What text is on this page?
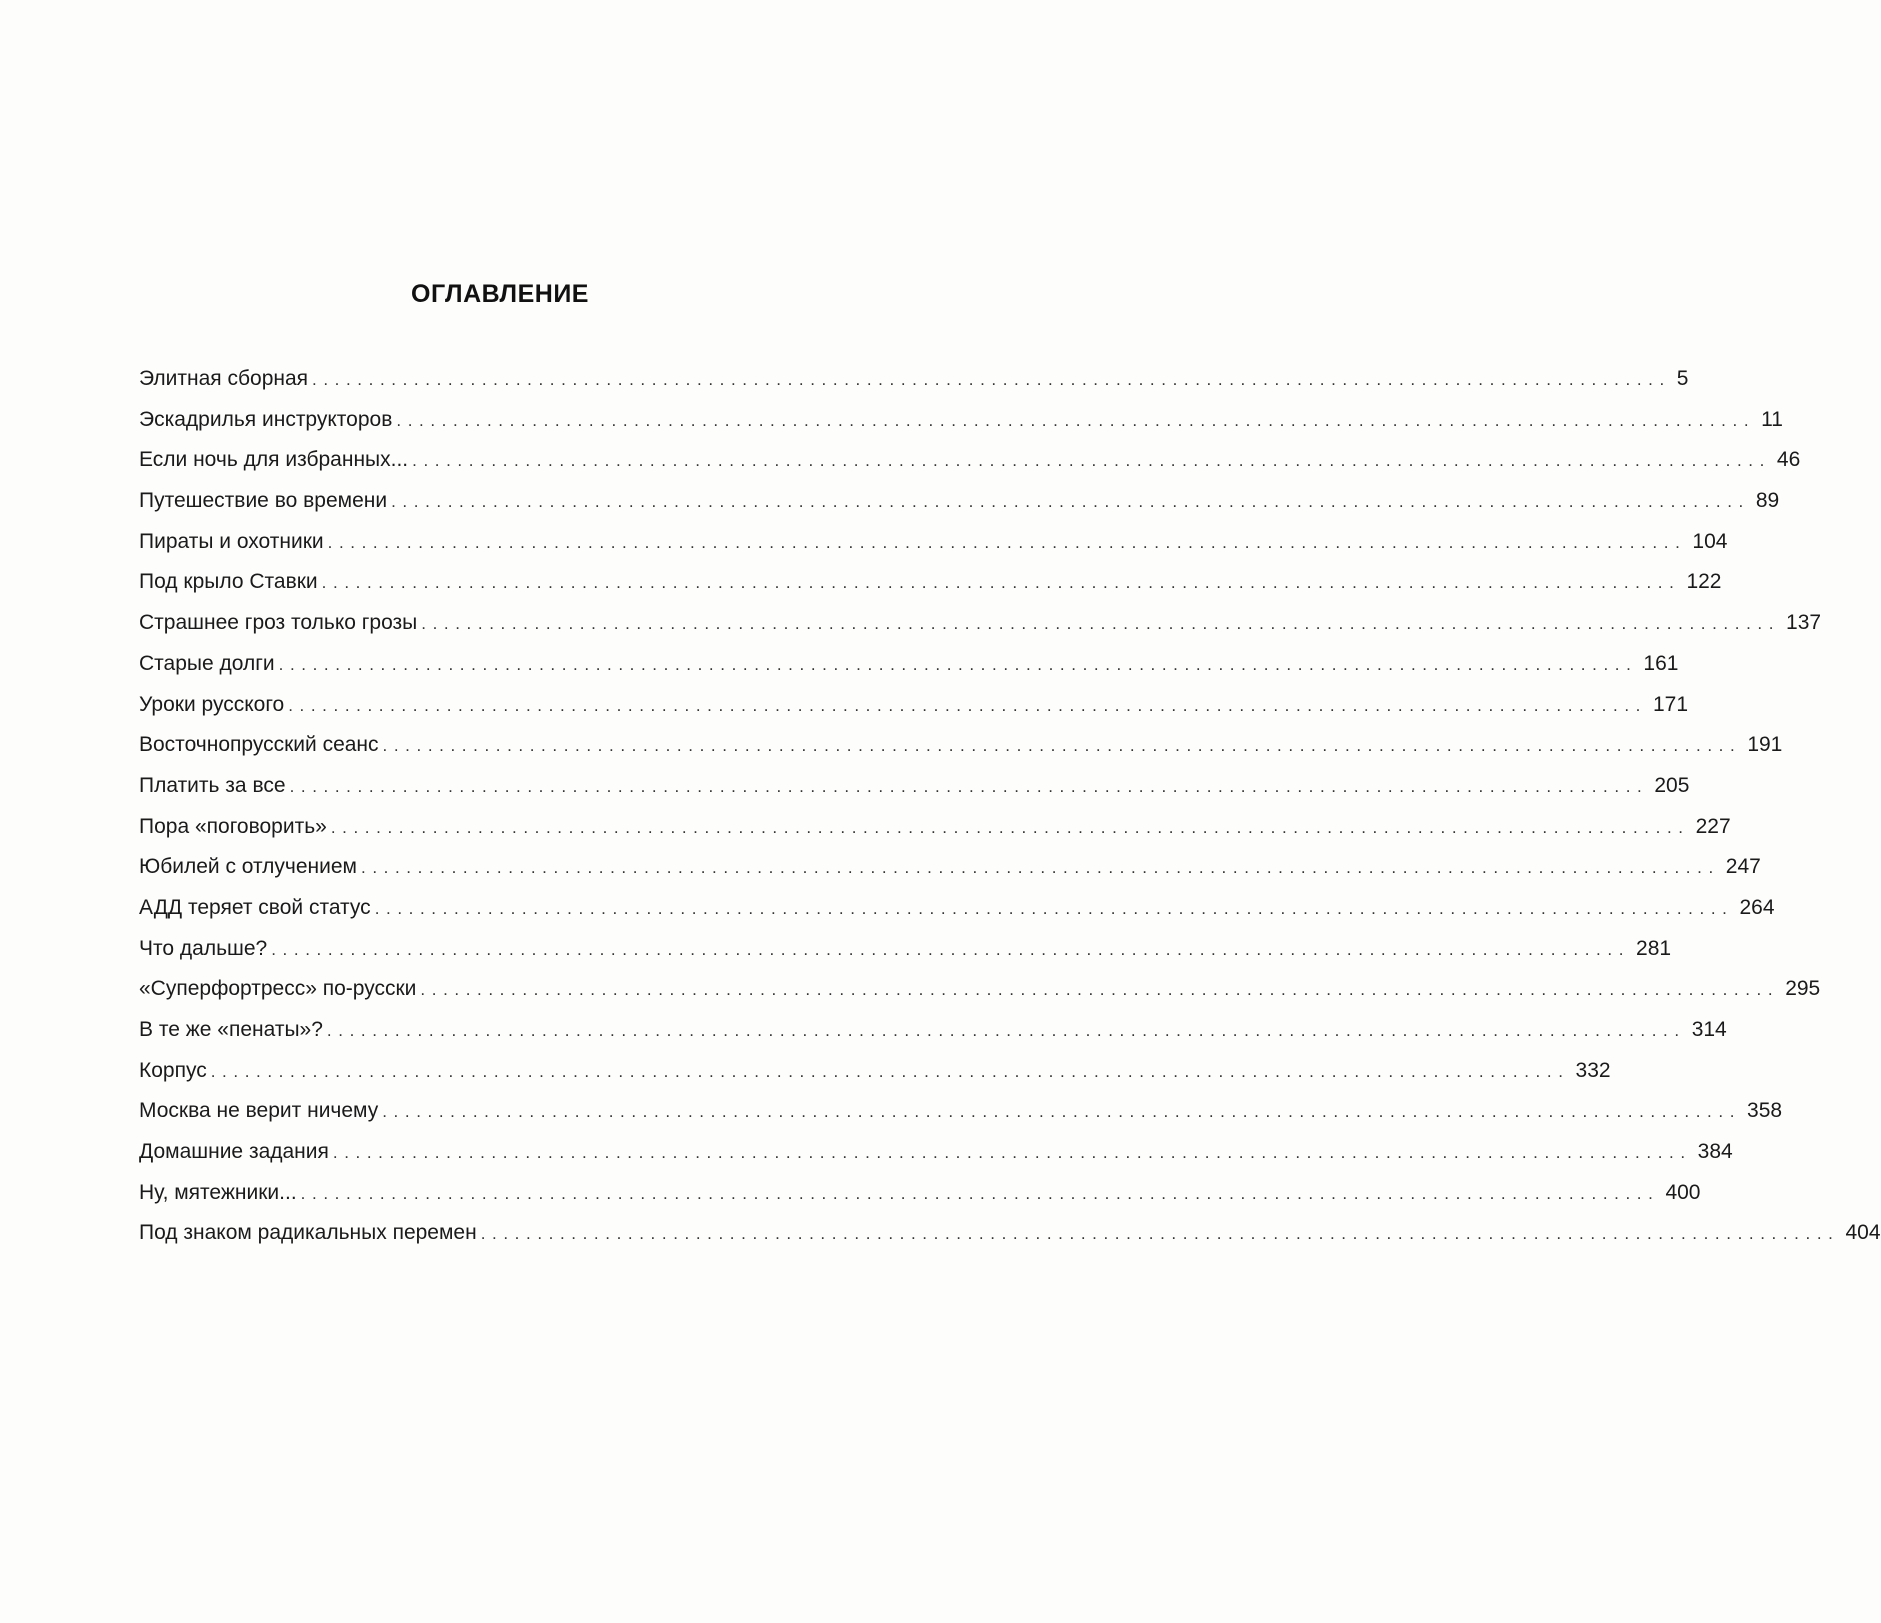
ОГЛАВЛЕНИЕ
Элитная сборная ........................................................................................................................ 5
Эскадрилья инструкторов ........................................................................................................................ 11
Если ночь для избранных... ........................................................................................................................ 46
Путешествие во времени ........................................................................................................................ 89
Пираты и охотники ........................................................................................................................ 104
Под крыло Ставки ........................................................................................................................ 122
Страшнее гроз только грозы ........................................................................................................................ 137
Старые долги ........................................................................................................................ 161
Уроки русского ........................................................................................................................ 171
Восточнопрусский сеанс ........................................................................................................................ 191
Платить за все ........................................................................................................................ 205
Пора «поговорить» ........................................................................................................................ 227
Юбилей с отлучением ........................................................................................................................ 247
АДД теряет свой статус ........................................................................................................................ 264
Что дальше? ........................................................................................................................ 281
«Суперфортресс» по-русски ........................................................................................................................ 295
В те же «пенаты»? ........................................................................................................................ 314
Корпус ........................................................................................................................ 332
Москва не верит ничему ........................................................................................................................ 358
Домашние задания ........................................................................................................................ 384
Ну, мятежники... ........................................................................................................................ 400
Под знаком радикальных перемен ........................................................................................................................ 404
